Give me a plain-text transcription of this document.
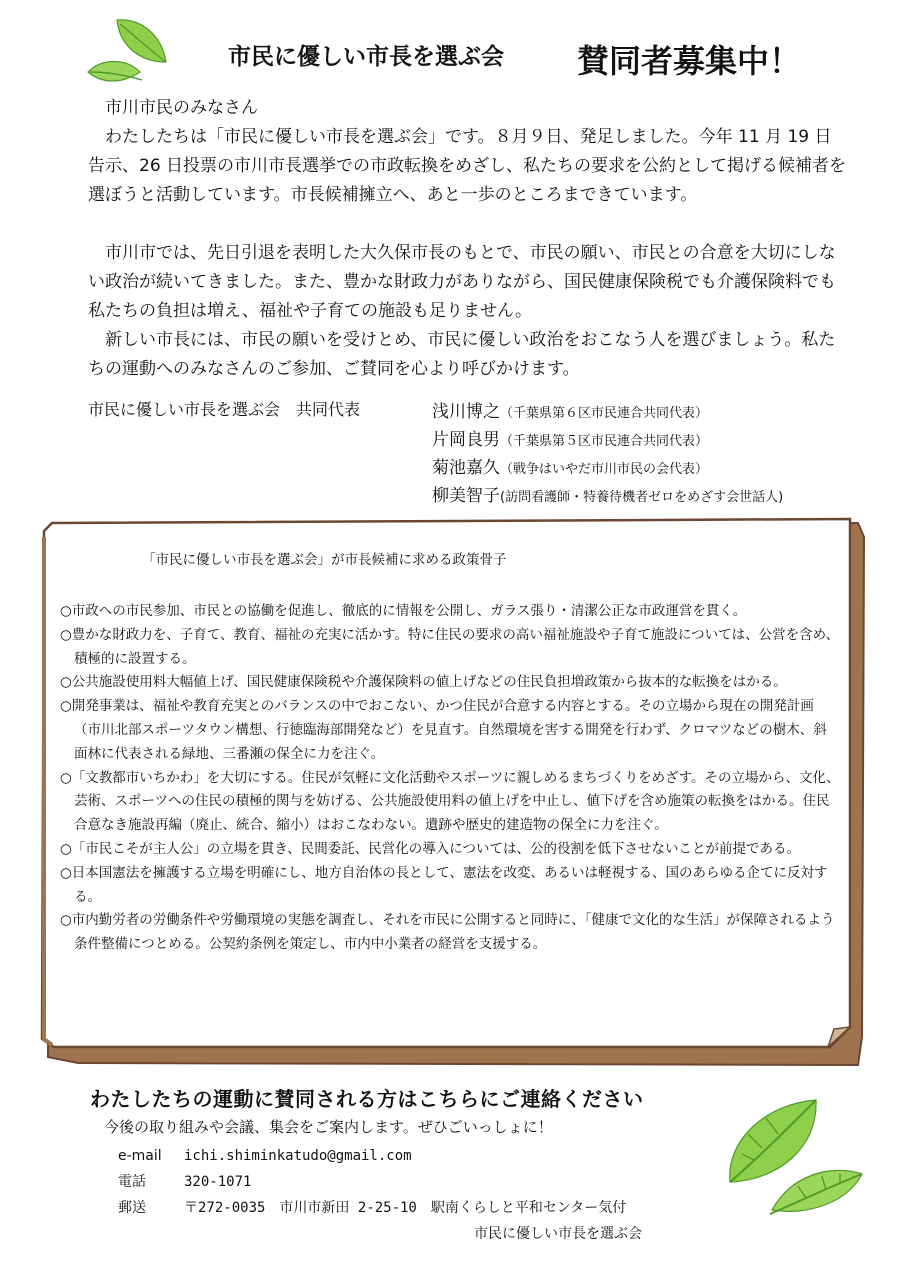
市民に優しい市長を選ぶ会 賛同者募集中！

市川市民のみなさん

わたしたちは「市民に優しい市長を選ぶ会」です。８月９日、発足しました。今年 11 月 19 日告示、26 日投票の市川市長選挙での市政転換をめざし、私たちの要求を公約として掲げる候補者を選ぼうと活動しています。市長候補擁立へ、あと一歩のところまできています。

市川市では、先日引退を表明した大久保市長のもとで、市民の願い、市民との合意を大切にしない政治が続いてきました。また、豊かな財政力がありながら、国民健康保険税でも介護保険料でも私たちの負担は増え、福祉や子育ての施設も足りません。

新しい市長には、市民の願いを受けとめ、市民に優しい政治をおこなう人を選びましょう。私たちの運動へのみなさんのご参加、ご賛同を心より呼びかけます。

市民に優しい市長を選ぶ会　共同代表	浅川博之（千葉県第６区市民連合共同代表）
片岡良男（千葉県第５区市民連合共同代表）
菊池嘉久（戦争はいやだ市川市民の会代表）
柳美智子(訪問看護師・特養待機者ゼロをめざす会世話人)
「市民に優しい市長を選ぶ会」が市長候補に求める政策骨子
○市政への市民参加、市民との協働を促進し、徹底的に情報を公開し、ガラス張り・清潔公正な市政運営を貫く。
○豊かな財政力を、子育て、教育、福祉の充実に活かす。特に住民の要求の高い福祉施設や子育て施設については、公営を含め、積極的に設置する。
○公共施設使用料大幅値上げ、国民健康保険税や介護保険料の値上げなどの住民負担増政策から抜本的な転換をはかる。
○開発事業は、福祉や教育充実とのバランスの中でおこない、かつ住民が合意する内容とする。その立場から現在の開発計画（市川北部スポーツタウン構想、行徳臨海部開発など）を見直す。自然環境を害する開発を行わず、クロマツなどの樹木、斜面林に代表される緑地、三番瀬の保全に力を注ぐ。
○「文教都市いちかわ」を大切にする。住民が気軽に文化活動やスポーツに親しめるまちづくりをめざす。その立場から、文化、芸術、スポーツへの住民の積極的関与を妨げる、公共施設使用料の値上げを中止し、値下げを含め施策の転換をはかる。住民合意なき施設再編（廃止、統合、縮小）はおこなわない。遺跡や歴史的建造物の保全に力を注ぐ。
○「市民こそが主人公」の立場を貫き、民間委託、民営化の導入については、公的役割を低下させないことが前提である。
○日本国憲法を擁護する立場を明確にし、地方自治体の長として、憲法を改変、あるいは軽視する、国のあらゆる企てに反対する。
○市内勤労者の労働条件や労働環境の実態を調査し、それを市民に公開すると同時に、「健康で文化的な生活」が保障されるよう条件整備につとめる。公契約条例を策定し、市内中小業者の経営を支援する。
わたしたちの運動に賛同される方はこちらにご連絡ください
今後の取り組みや会議、集会をご案内します。ぜひごいっしょに！
e-mail ichi.shiminkatudo@gmail.com
電話	320-1071
郵送	〒272-0035　市川市新田 2-25-10　駅南くらしと平和センター気付
市民に優しい市長を選ぶ会
